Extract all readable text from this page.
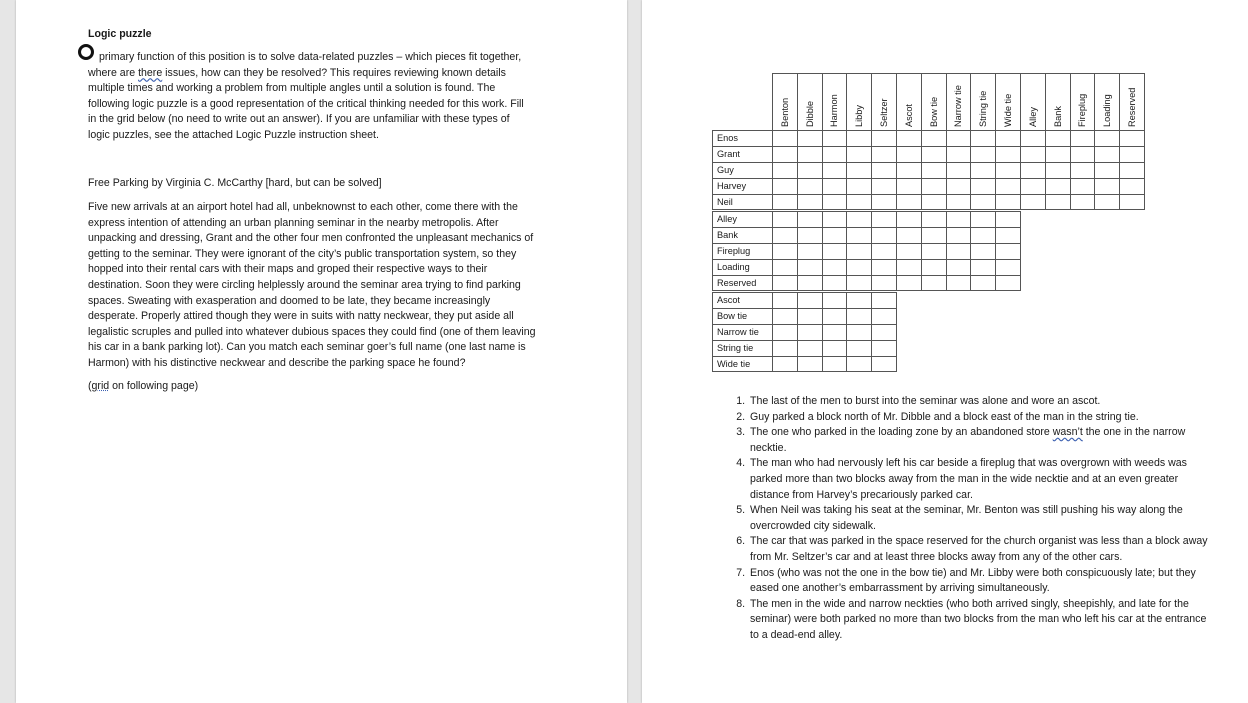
Logic puzzle
primary function of this position is to solve data-related puzzles – which pieces fit together,
where are there issues, how can they be resolved? This requires reviewing known details
multiple times and working a problem from multiple angles until a solution is found. The
following logic puzzle is a good representation of the critical thinking needed for this work. Fill
in the grid below (no need to write out an answer). If you are unfamiliar with these types of
logic puzzles, see the attached Logic Puzzle instruction sheet.
Free Parking by Virginia C. McCarthy [hard, but can be solved]
Five new arrivals at an airport hotel had all, unbeknownst to each other, come there with the
express intention of attending an urban planning seminar in the nearby metropolis. After
unpacking and dressing, Grant and the other four men confronted the unpleasant mechanics of
getting to the seminar. They were ignorant of the city’s public transportation system, so they
hopped into their rental cars with their maps and groped their respective ways to their
destination. Soon they were circling helplessly around the seminar area trying to find parking
spaces. Sweating with exasperation and doomed to be late, they became increasingly
desperate. Properly attired though they were in suits with natty neckwear, they put aside all
legalistic scruples and pulled into whatever dubious spaces they could find (one of them leaving
his car in a bank parking lot). Can you match each seminar goer’s full name (one last name is
Harmon) with his distinctive neckwear and describe the parking space he found?
(grid on following page)
Benton Dibble Harmon Libby Seltzer Ascot Bow tie Narrow tie String tie Wide tie Alley Bank Fireplug Loading Reserved
Enos
Grant
Guy
Harvey
Neil
Alley
Bank
Fireplug
Loading
Reserved
Ascot
Bow tie
Narrow tie
String tie
Wide tie
1. The last of the men to burst into the seminar was alone and wore an ascot.
2. Guy parked a block north of Mr. Dibble and a block east of the man in the string tie.
3. The one who parked in the loading zone by an abandoned store wasn’t the one in the narrow necktie.
4. The man who had nervously left his car beside a fireplug that was overgrown with weeds was parked more than two blocks away from the man in the wide necktie and at an even greater distance from Harvey’s precariously parked car.
5. When Neil was taking his seat at the seminar, Mr. Benton was still pushing his way along the overcrowded city sidewalk.
6. The car that was parked in the space reserved for the church organist was less than a block away from Mr. Seltzer’s car and at least three blocks away from any of the other cars.
7. Enos (who was not the one in the bow tie) and Mr. Libby were both conspicuously late; but they eased one another’s embarrassment by arriving simultaneously.
8. The men in the wide and narrow neckties (who both arrived singly, sheepishly, and late for the seminar) were both parked no more than two blocks from the man who left his car at the entrance to a dead-end alley.
